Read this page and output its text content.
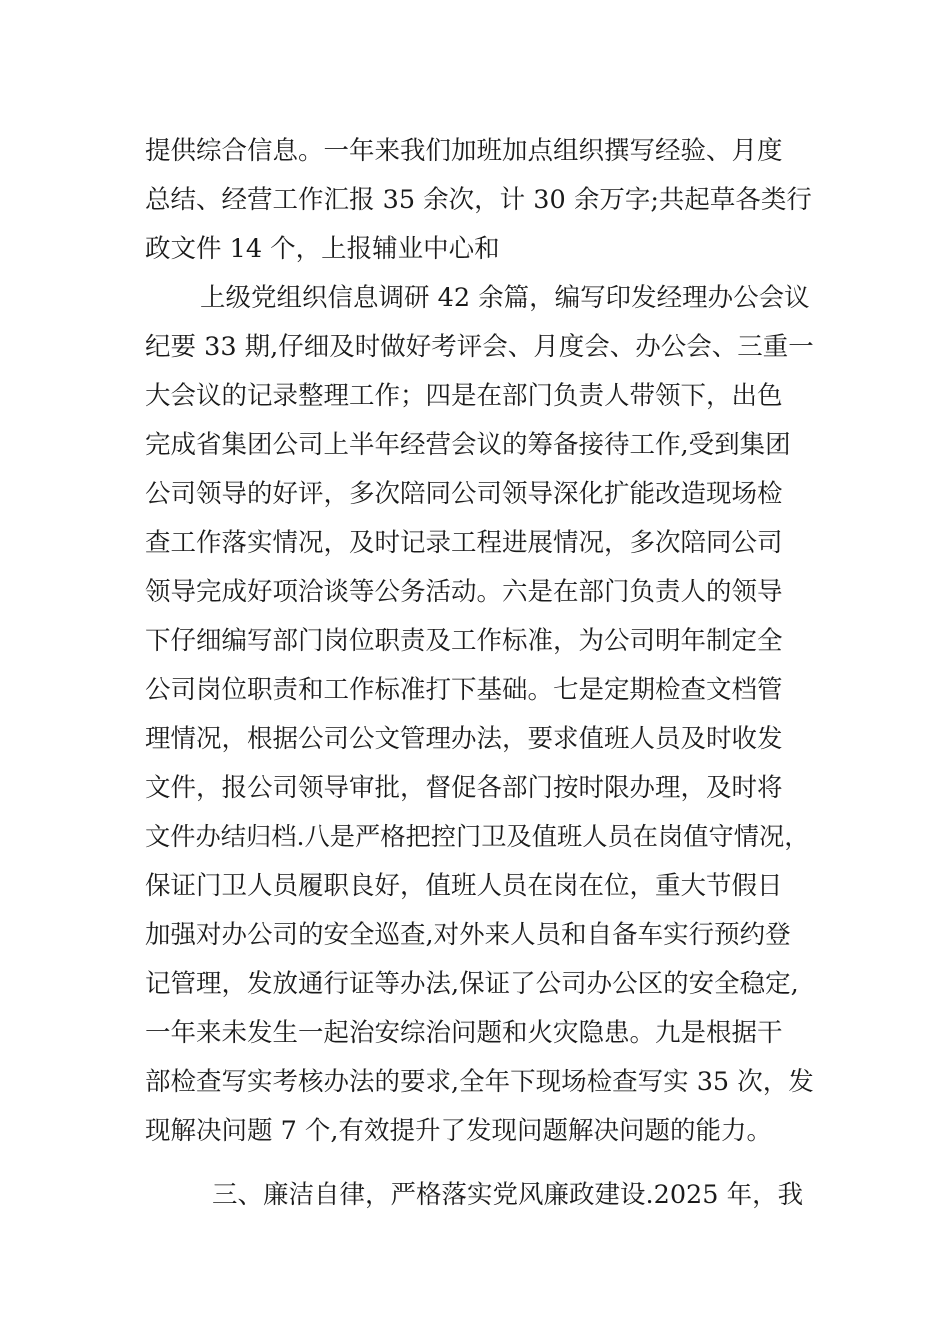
提供综合信息。一年来我们加班加点组织撰写经验、月度
总结、经营工作汇报 35 余次，计 30 余万字;共起草各类行
政文件 14 个，上报辅业中心和
上级党组织信息调研 42 余篇，编写印发经理办公会议
纪要 33 期,仔细及时做好考评会、月度会、办公会、三重一
大会议的记录整理工作；四是在部门负责人带领下，出色
完成省集团公司上半年经营会议的筹备接待工作,受到集团
公司领导的好评，多次陪同公司领导深化扩能改造现场检
查工作落实情况，及时记录工程进展情况，多次陪同公司
领导完成好项洽谈等公务活动。六是在部门负责人的领导
下仔细编写部门岗位职责及工作标准，为公司明年制定全
公司岗位职责和工作标准打下基础。七是定期检查文档管
理情况，根据公司公文管理办法，要求值班人员及时收发
文件，报公司领导审批，督促各部门按时限办理，及时将
文件办结归档.八是严格把控门卫及值班人员在岗值守情况，
保证门卫人员履职良好，值班人员在岗在位，重大节假日
加强对办公司的安全巡查,对外来人员和自备车实行预约登
记管理，发放通行证等办法,保证了公司办公区的安全稳定,
一年来未发生一起治安综治问题和火灾隐患。九是根据干
部检查写实考核办法的要求,全年下现场检查写实 35 次，发
现解决问题 7 个,有效提升了发现问题解决问题的能力。
三、廉洁自律，严格落实党风廉政建设.2025 年，我
